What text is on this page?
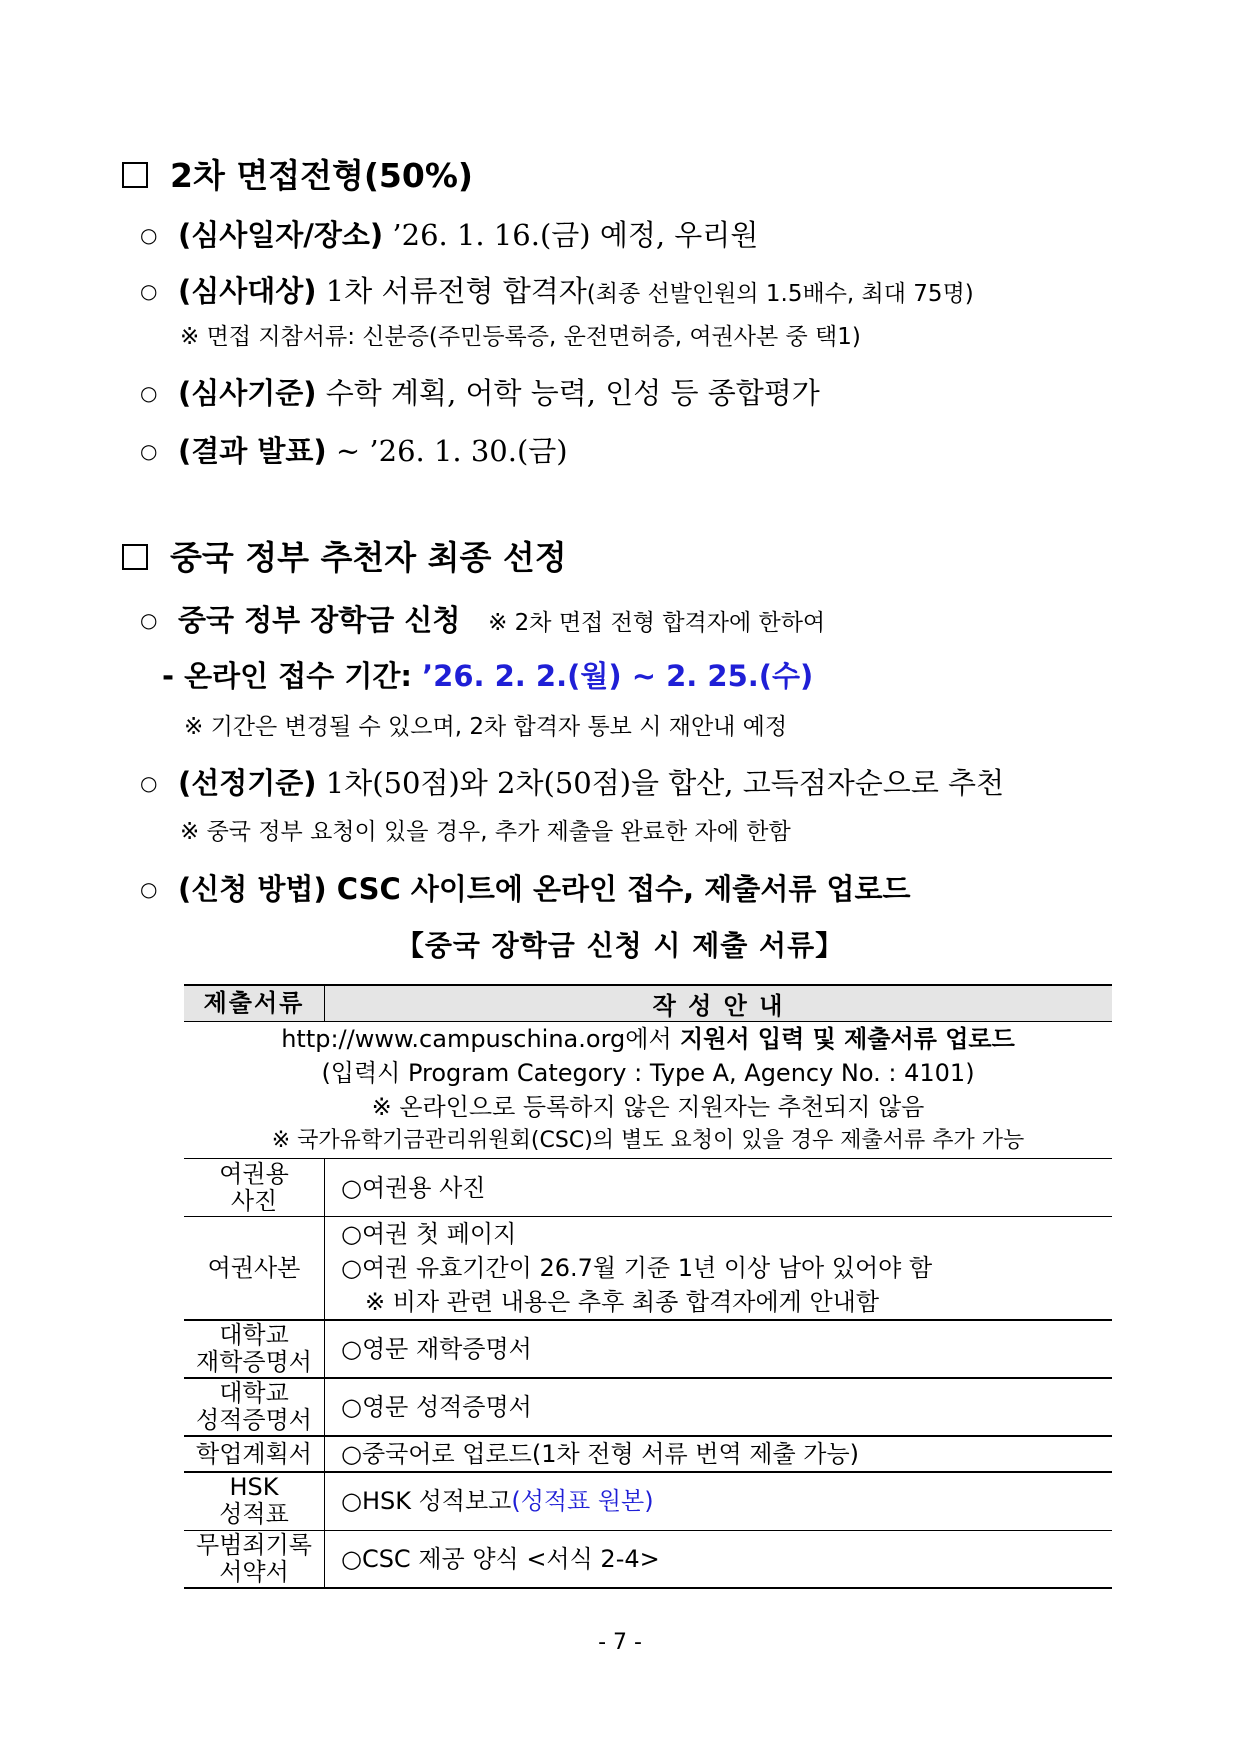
2차 면접전형(50%)
○ (심사일자/장소) ’26. 1. 16.(금) 예정, 우리원
○ (심사대상) 1차 서류전형 합격자(최종 선발인원의 1.5배수, 최대 75명)
※ 면접 지참서류: 신분증(주민등록증, 운전면허증, 여권사본 중 택1)
○ (심사기준) 수학 계획, 어학 능력, 인성 등 종합평가
○ (결과 발표) ~ ’26. 1. 30.(금)
중국 정부 추천자 최종 선정
○ 중국 정부 장학금 신청 ※ 2차 면접 전형 합격자에 한하여
- 온라인 접수 기간: ’26. 2. 2.(월) ~ 2. 25.(수)
※ 기간은 변경될 수 있으며, 2차 합격자 통보 시 재안내 예정
○ (선정기준) 1차(50점)와 2차(50점)을 합산, 고득점자순으로 추천
※ 중국 정부 요청이 있을 경우, 추가 제출을 완료한 자에 한함
○ (신청 방법) CSC 사이트에 온라인 접수, 제출서류 업로드
【중국 장학금 신청 시 제출 서류】
제출서류	작 성 안 내

http://www.campuschina.org에서 지원서 입력 및 제출서류 업로드
(입력시 Program Category : Type A, Agency No. : 4101)
※ 온라인으로 등록하지 않은 지원자는 추천되지 않음
※ 국가유학기금관리위원회(CSC)의 별도 요청이 있을 경우 제출서류 추가 가능	

여권용
사진	○여권용 사진
여권사본	○여권 첫 페이지
○여권 유효기간이 26.7월 기준 1년 이상 남아 있어야 함
※ 비자 관련 내용은 추후 최종 합격자에게 안내함

대학교
재학증명서	○영문 재학증명서

대학교
성적증명서	○영문 성적증명서
학업계획서	○중국어로 업로드(1차 전형 서류 번역 제출 가능)

HSK
성적표	○HSK 성적보고(성적표 원본)

무범죄기록
서약서	○CSC 제공 양식 <서식 2-4>
- 7 -
